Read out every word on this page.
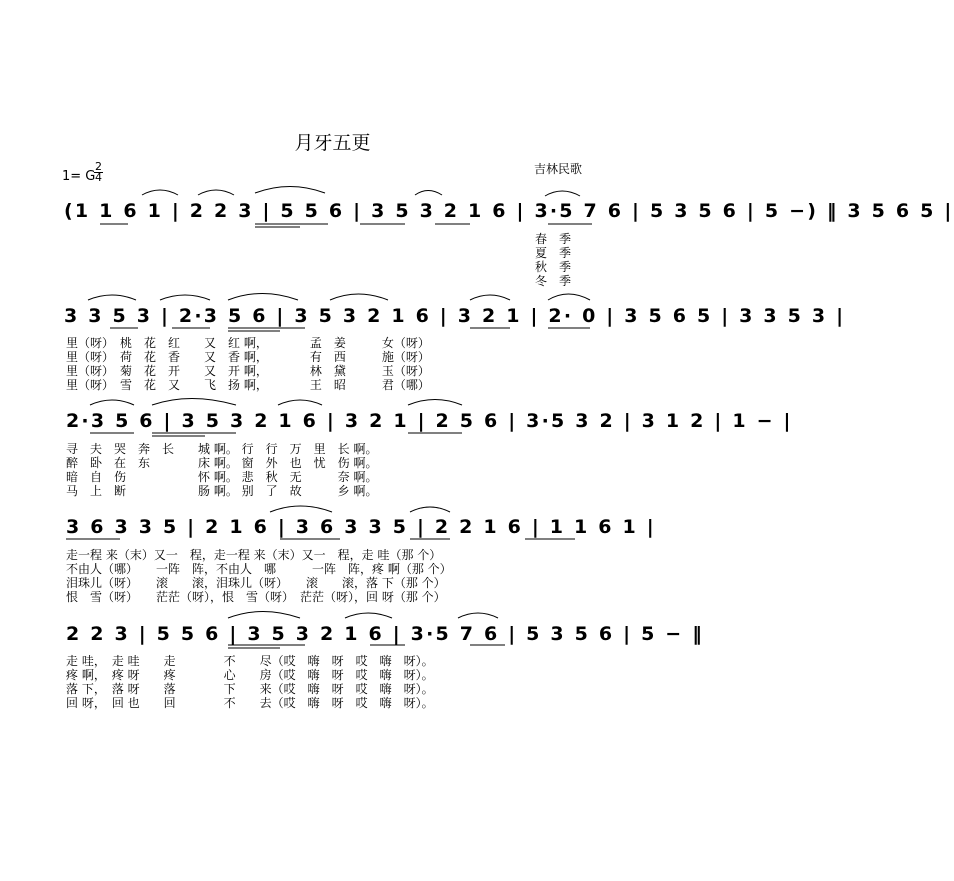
月牙五更
吉林民歌
1= G
2
4
(1 1 6 1 | 2 2 3 | 5 5 6 | 3 5 3 2 1 6 | 3·5 7 6 | 5 3 5 6 | 5 −) ‖ 3 5 6 5 |
春　季
夏　季
秋　季
冬　季
3 3 5 3 | 2·3 5 6 | 3 5 3 2 1 6 | 3 2 1 | 2· 0 | 3 5 6 5 | 3 3 5 3 |
里（呀）　桃　花　红　　又　红 啊，　　　　孟　姜　　　女（呀）
里（呀）　荷　花　香　　又　香 啊，　　　　有　西　　　施（呀）
里（呀）　菊　花　开　　又　开 啊，　　　　林　黛　　　玉（呀）
里（呀）　雪　花　又　　飞　扬 啊，　　　　王　昭　　　君（哪）
2·3 5 6 | 3 5 3 2 1 6 | 3 2 1 | 2 5 6 | 3·5 3 2 | 3 1 2 | 1 − |
寻　夫　哭　奔　长　　城 啊。 行　行　万　里　长 啊。
醉　卧　在　东　　　　床 啊。 窗　外　也　忧　伤 啊。
暗　自　伤　　　　　　怀 啊。 悲　秋　无　　　奈 啊。
马　上　断　　　　　　肠 啊。 别　了　故　　　乡 啊。
3 6 3 3 5 | 2 1 6 | 3 6 3 3 5 | 2 2 1 6 | 1 1 6 1 |
走一程 来（末）又一　程，走一程 来（末）又一　程，走 哇（那 个）
不由人（哪）　　一阵　阵，不由人　哪　　　一阵　阵，疼 啊（那 个）
泪珠儿（呀）　　滚　　滚，泪珠儿（呀）　　滚　　滚，落 下（那 个）
恨　雪（呀）　　茫茫（呀），恨　雪（呀）　茫茫（呀），回 呀（那 个）
2 2 3 | 5 5 6 | 3 5 3 2 1 6 | 3·5 7 6 | 5 3 5 6 | 5 − ‖
走 哇，　走 哇　　走　　　　不　　尽（哎　嗨　呀　哎　嗨　呀）。
疼 啊，　疼 呀　　疼　　　　心　　房（哎　嗨　呀　哎　嗨　呀）。
落 下，　落 呀　　落　　　　下　　来（哎　嗨　呀　哎　嗨　呀）。
回 呀，　回 也　　回　　　　不　　去（哎　嗨　呀　哎　嗨　呀）。
